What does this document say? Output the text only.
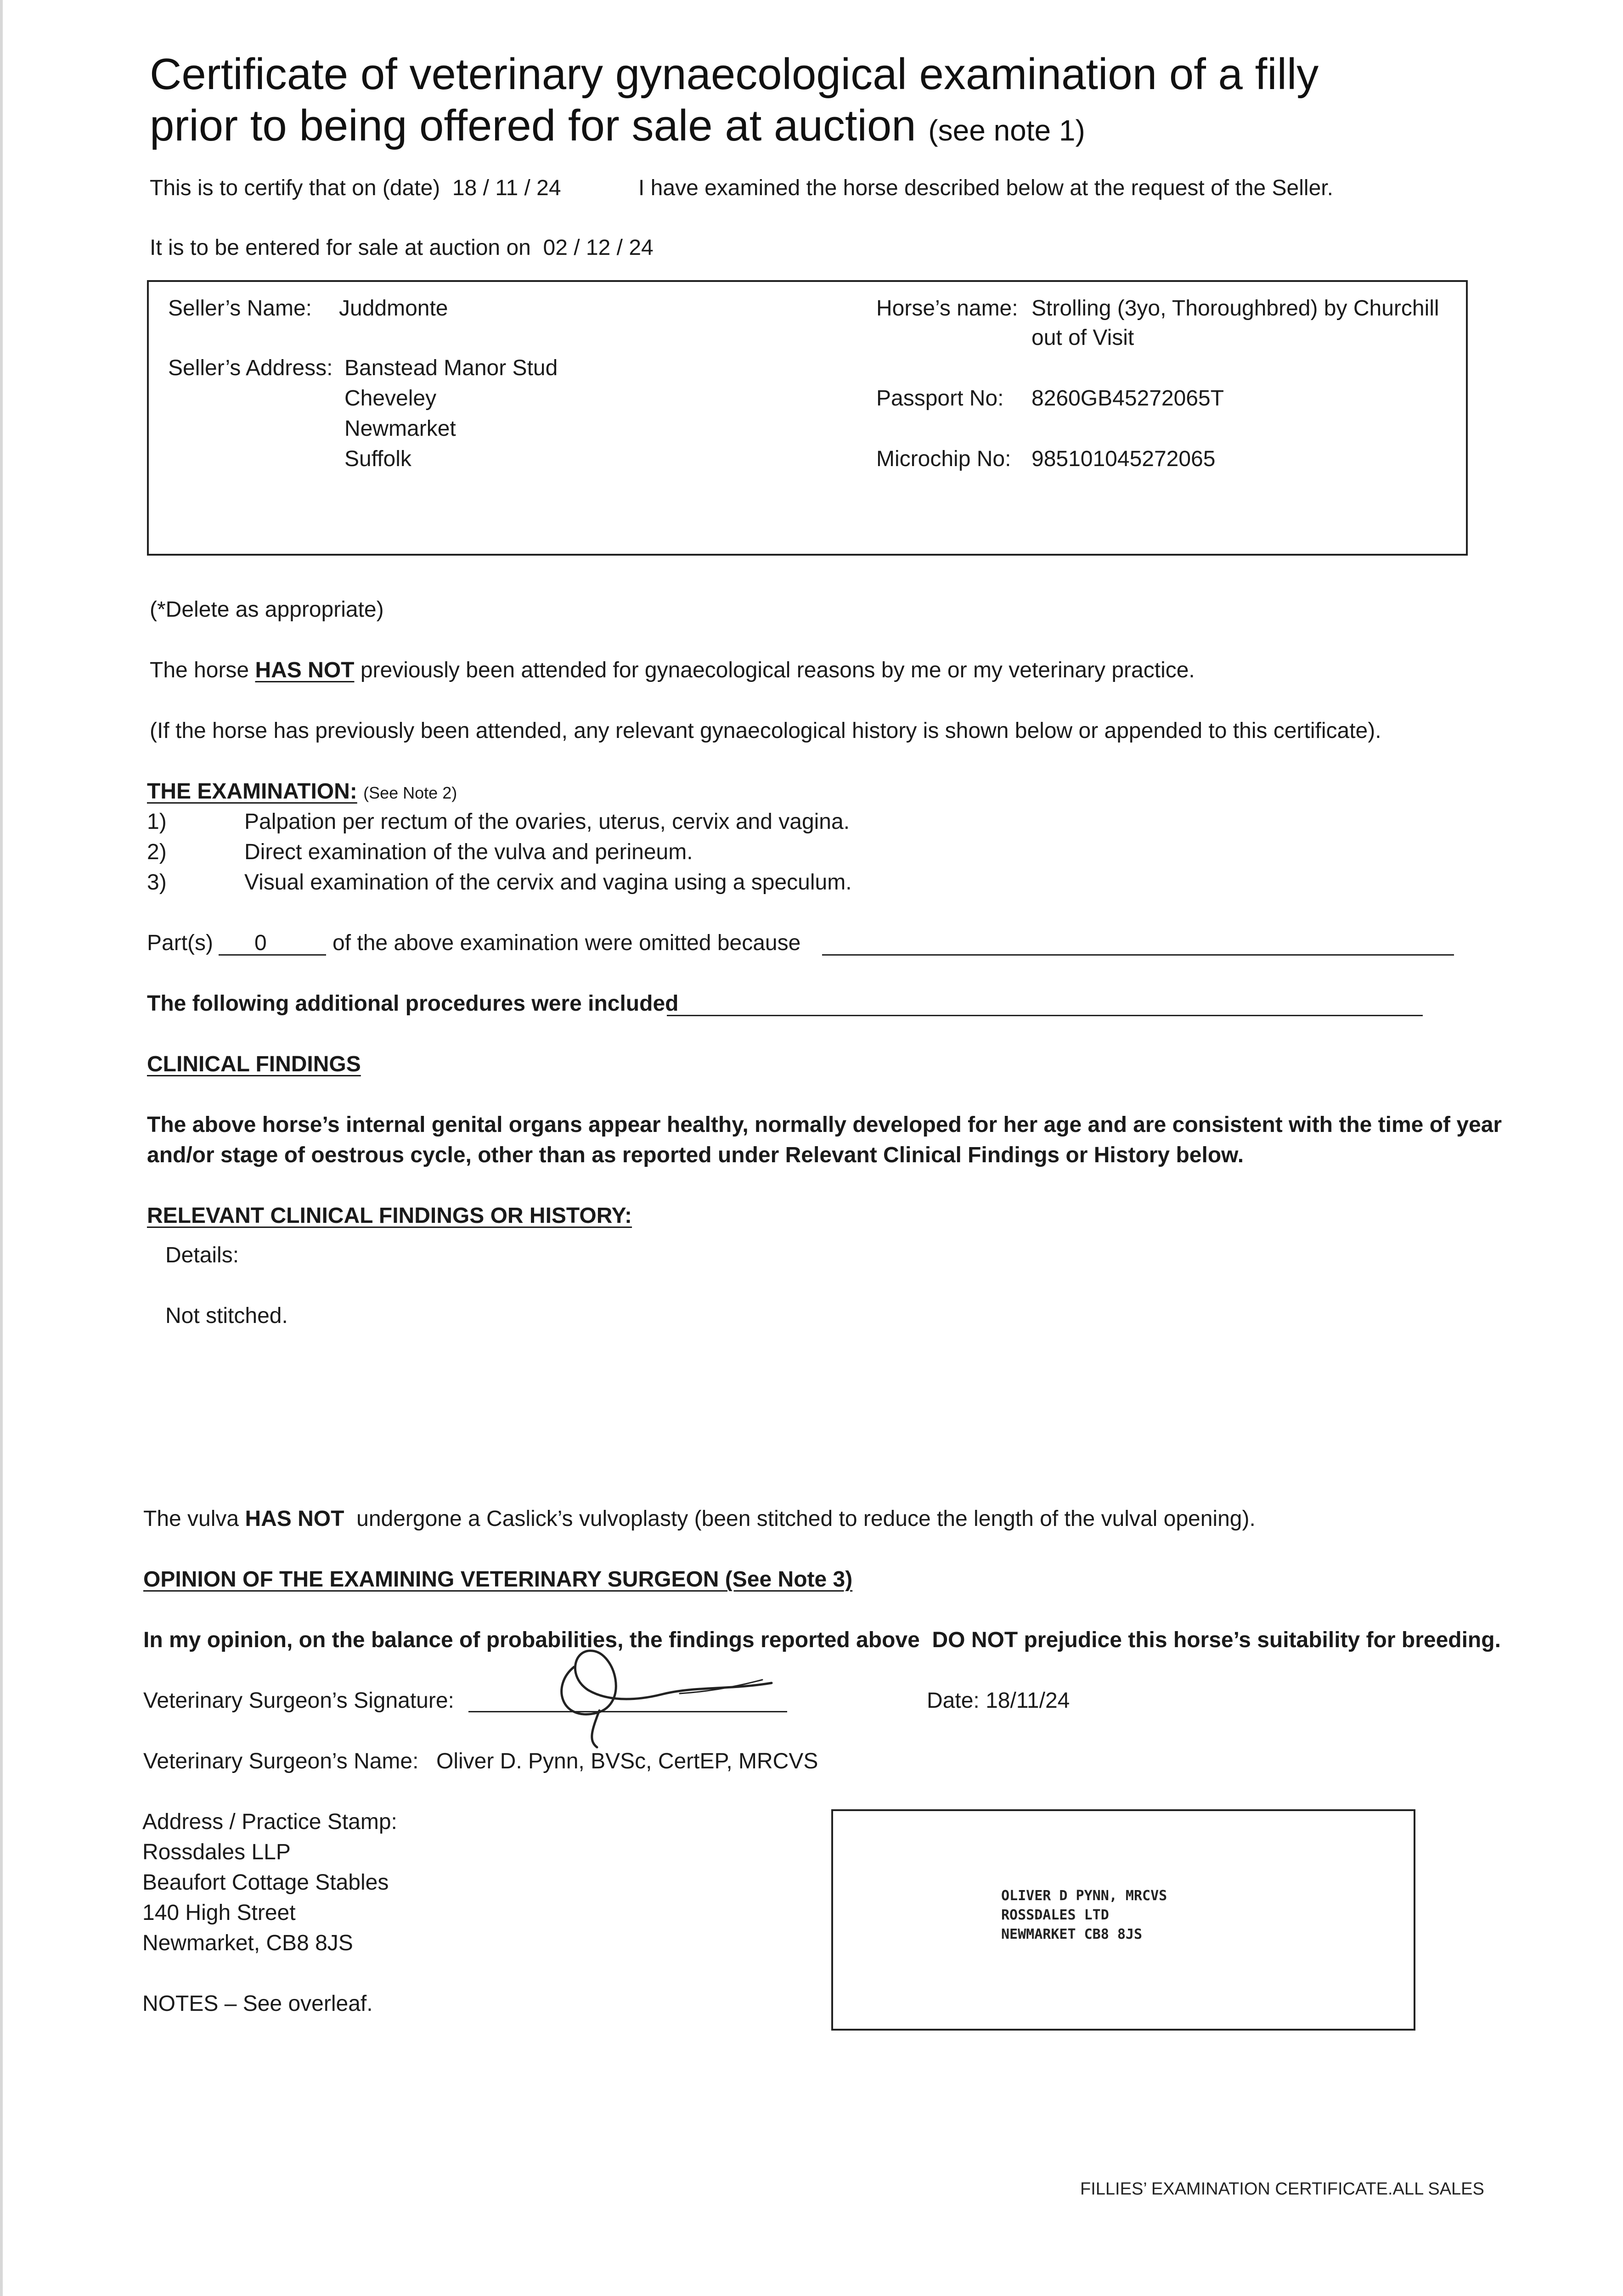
Certificate of veterinary gynaecological examination of a filly
prior to being offered for sale at auction (see note 1)
This is to certify that on (date) 18 / 11 / 24	I have examined the horse described below at the request of the Seller.
It is to be entered for sale at auction on 02 / 12 / 24
Seller’s Name: Juddmonte
Seller’s Address: Banstead Manor Stud
Cheveley
Newmarket
Suffolk
Horse’s name: Strolling (3yo, Thoroughbred) by Churchill
out of Visit
Passport No: 8260GB45272065T
Microchip No: 985101045272065
(*Delete as appropriate)
The horse HAS NOT previously been attended for gynaecological reasons by me or my veterinary practice.
(If the horse has previously been attended, any relevant gynaecological history is shown below or appended to this certificate).
THE EXAMINATION: (See Note 2)
1)	Palpation per rectum of the ovaries, uterus, cervix and vagina.
2)	Direct examination of the vulva and perineum.
3)	Visual examination of the cervix and vagina using a speculum.
Part(s) 0	of the above examination were omitted because
The following additional procedures were included
CLINICAL FINDINGS
The above horse’s internal genital organs appear healthy, normally developed for her age and are consistent with the time of year
and/or stage of oestrous cycle, other than as reported under Relevant Clinical Findings or History below.
RELEVANT CLINICAL FINDINGS OR HISTORY:
Details:
Not stitched.
The vulva HAS NOT undergone a Caslick’s vulvoplasty (been stitched to reduce the length of the vulval opening).
OPINION OF THE EXAMINING VETERINARY SURGEON (See Note 3)
In my opinion, on the balance of probabilities, the findings reported above DO NOT prejudice this horse’s suitability for breeding.
Veterinary Surgeon’s Signature:	Date: 18/11/24
Veterinary Surgeon’s Name: Oliver D. Pynn, BVSc, CertEP, MRCVS
Address / Practice Stamp:
Rossdales LLP
Beaufort Cottage Stables
140 High Street
Newmarket, CB8 8JS
NOTES – See overleaf.
OLIVER D PYNN, MRCVS
ROSSDALES LTD
NEWMARKET CB8 8JS
FILLIES’ EXAMINATION CERTIFICATE.ALL SALES
